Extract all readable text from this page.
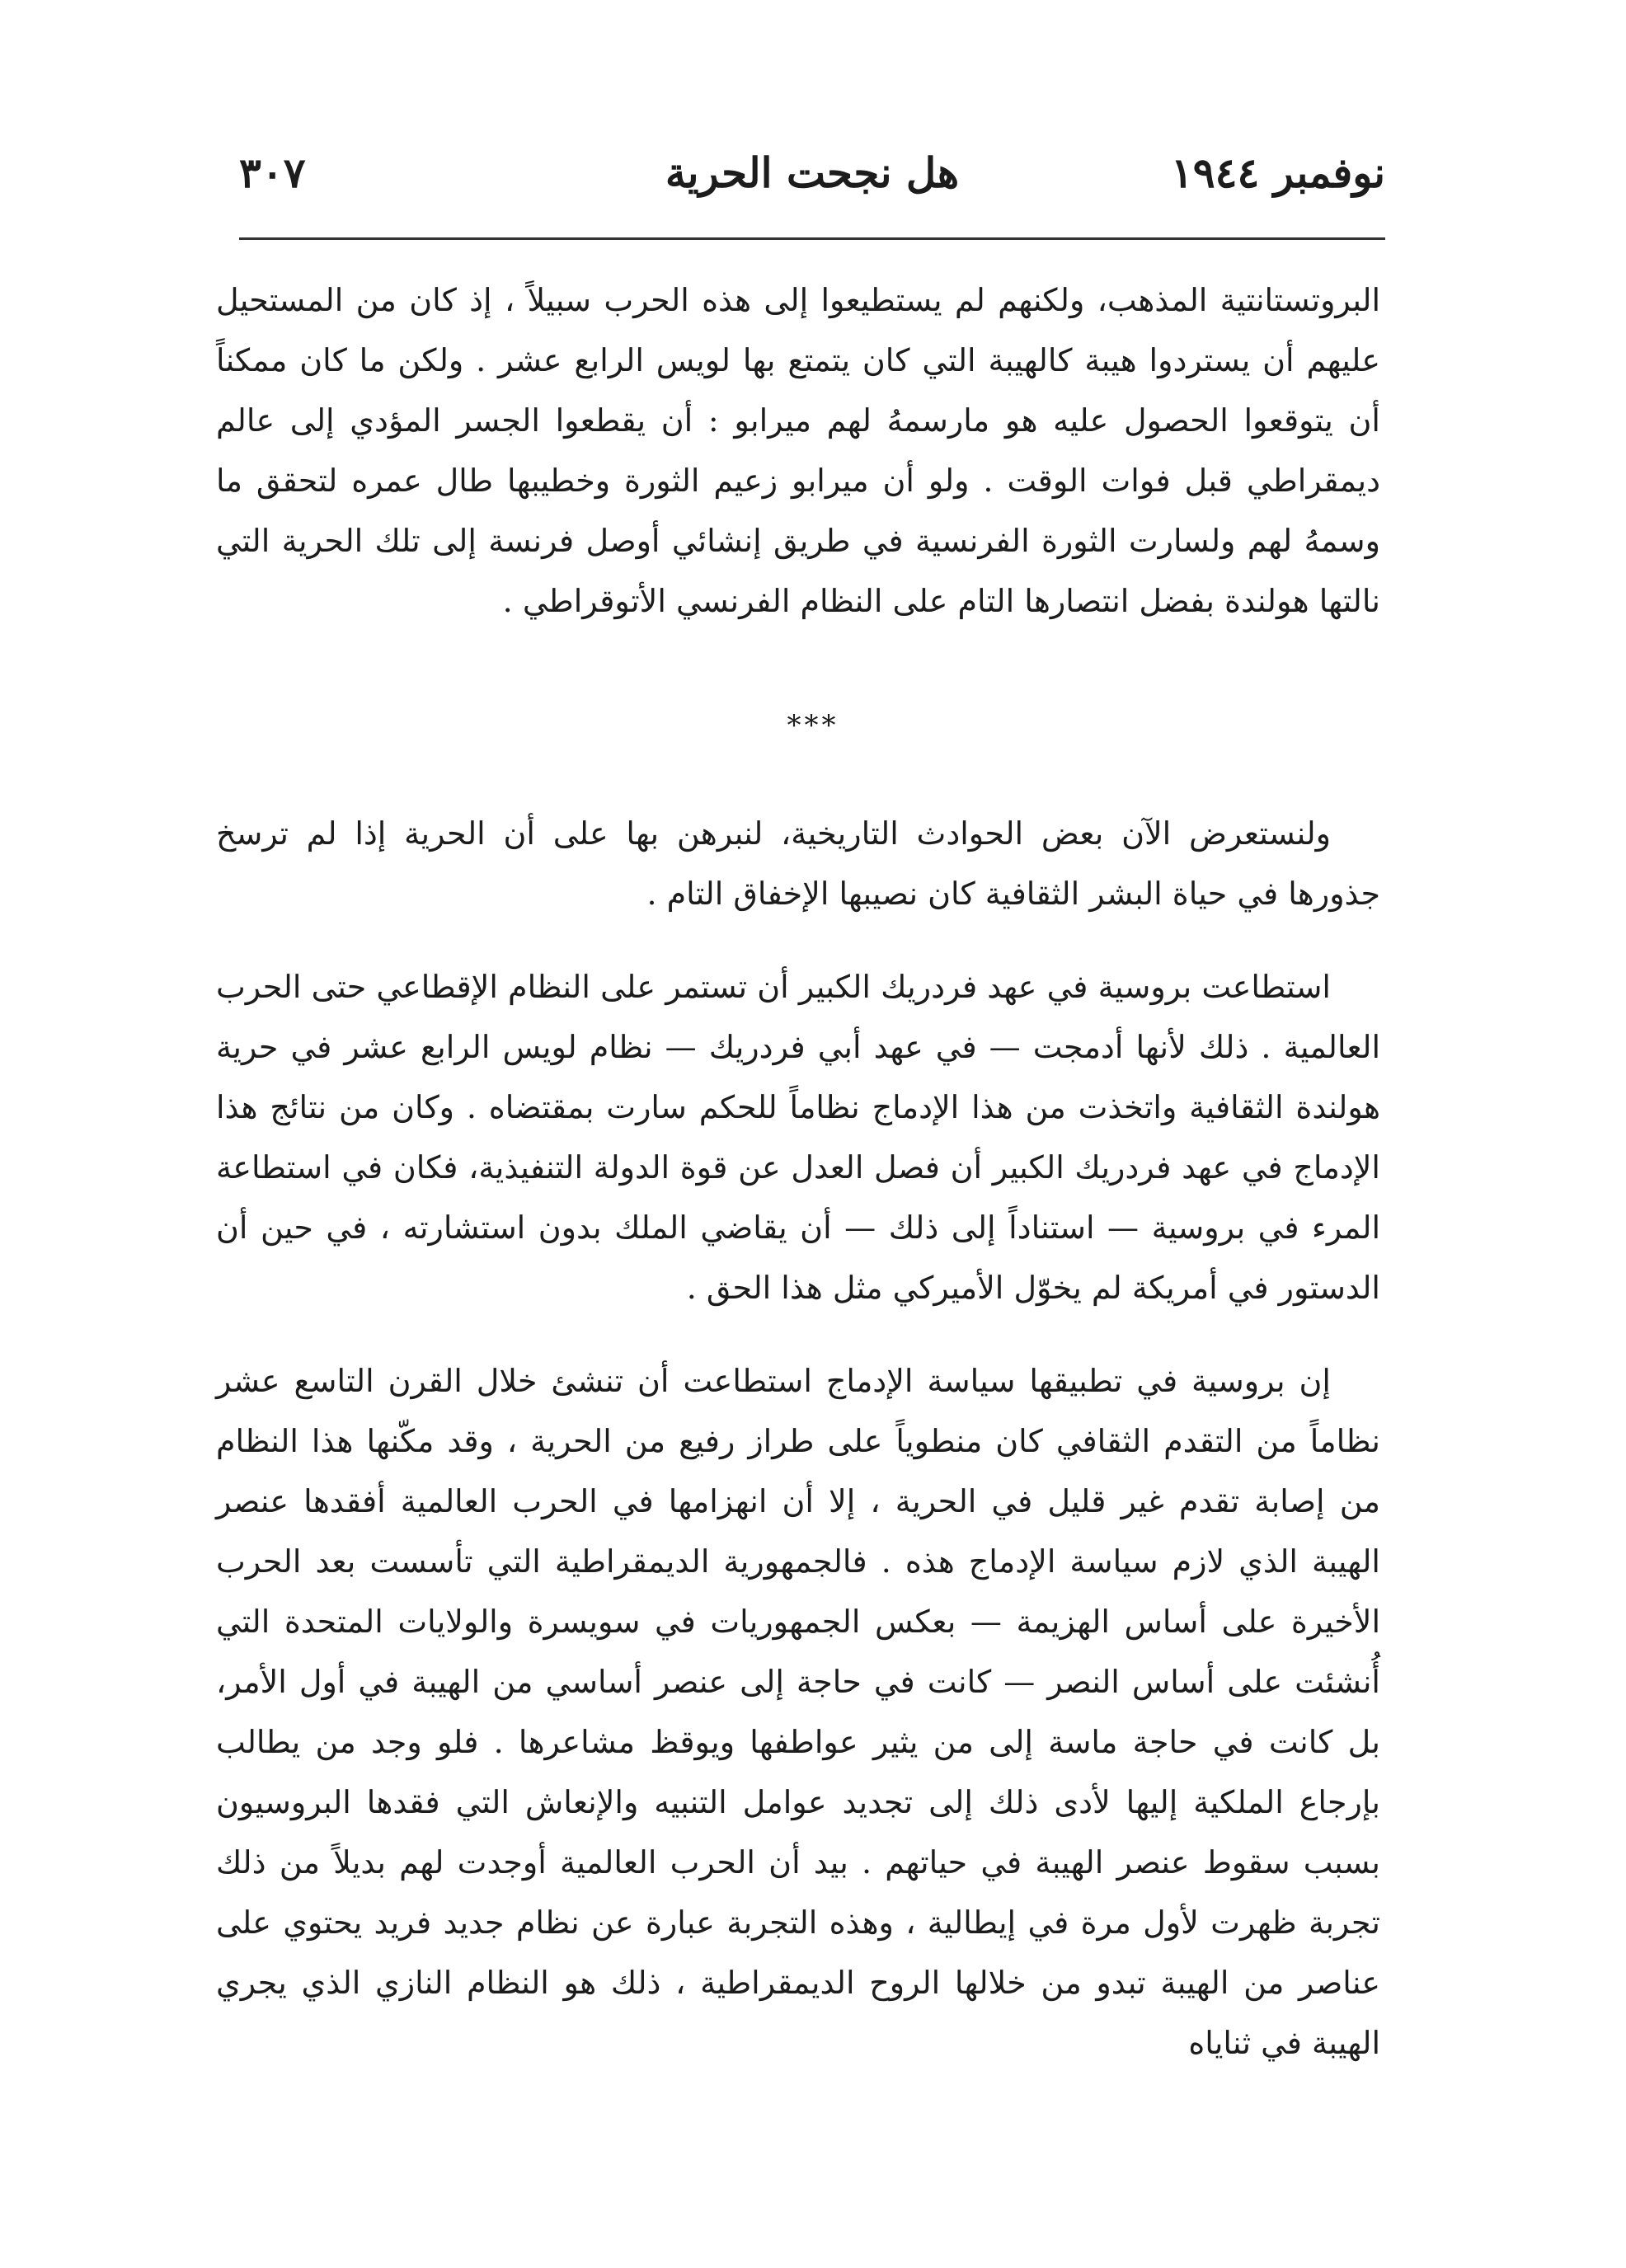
نوفمبر ١٩٤٤
هل نجحت الحرية
٣٠٧

البروتستانتية المذهب، ولكنهم لم يستطيعوا إلى هذه الحرب سبيلاً ، إذ كان من المستحيل عليهم أن يستردوا هيبة كالهيبة التي كان يتمتع بها لويس الرابع عشر . ولكن ما كان ممكناً أن يتوقعوا الحصول عليه هو مارسمهُ لهم ميرابو : أن يقطعوا الجسر المؤدي إلى عالم ديمقراطي قبل فوات الوقت . ولو أن ميرابو زعيم الثورة وخطيبها طال عمره لتحقق ما وسمهُ لهم ولسارت الثورة الفرنسية في طريق إنشائي أوصل فرنسة إلى تلك الحرية التي نالتها هولندة بفضل انتصارها التام على النظام الفرنسي الأتوقراطي .

***

ولنستعرض الآن بعض الحوادث التاريخية، لنبرهن بها على أن الحرية إذا لم ترسخ جذورها في حياة البشر الثقافية كان نصيبها الإخفاق التام .

استطاعت بروسية في عهد فردريك الكبير أن تستمر على النظام الإقطاعي حتى الحرب العالمية . ذلك لأنها أدمجت — في عهد أبي فردريك — نظام لويس الرابع عشر في حرية هولندة الثقافية واتخذت من هذا الإدماج نظاماً للحكم سارت بمقتضاه . وكان من نتائج هذا الإدماج في عهد فردريك الكبير أن فصل العدل عن قوة الدولة التنفيذية، فكان في استطاعة المرء في بروسية — استناداً إلى ذلك — أن يقاضي الملك بدون استشارته ، في حين أن الدستور في أمريكة لم يخوّل الأميركي مثل هذا الحق .

إن بروسية في تطبيقها سياسة الإدماج استطاعت أن تنشئ خلال القرن التاسع عشر نظاماً من التقدم الثقافي كان منطوياً على طراز رفيع من الحرية ، وقد مكّنها هذا النظام من إصابة تقدم غير قليل في الحرية ، إلا أن انهزامها في الحرب العالمية أفقدها عنصر الهيبة الذي لازم سياسة الإدماج هذه . فالجمهورية الديمقراطية التي تأسست بعد الحرب الأخيرة على أساس الهزيمة — بعكس الجمهوريات في سويسرة والولايات المتحدة التي أُنشئت على أساس النصر — كانت في حاجة إلى عنصر أساسي من الهيبة في أول الأمر، بل كانت في حاجة ماسة إلى من يثير عواطفها ويوقظ مشاعرها . فلو وجد من يطالب بإرجاع الملكية إليها لأدى ذلك إلى تجديد عوامل التنبيه والإنعاش التي فقدها البروسيون بسبب سقوط عنصر الهيبة في حياتهم . بيد أن الحرب العالمية أوجدت لهم بديلاً من ذلك تجربة ظهرت لأول مرة في إيطالية ، وهذه التجربة عبارة عن نظام جديد فريد يحتوي على عناصر من الهيبة تبدو من خلالها الروح الديمقراطية ، ذلك هو النظام النازي الذي يجري الهيبة في ثناياه
